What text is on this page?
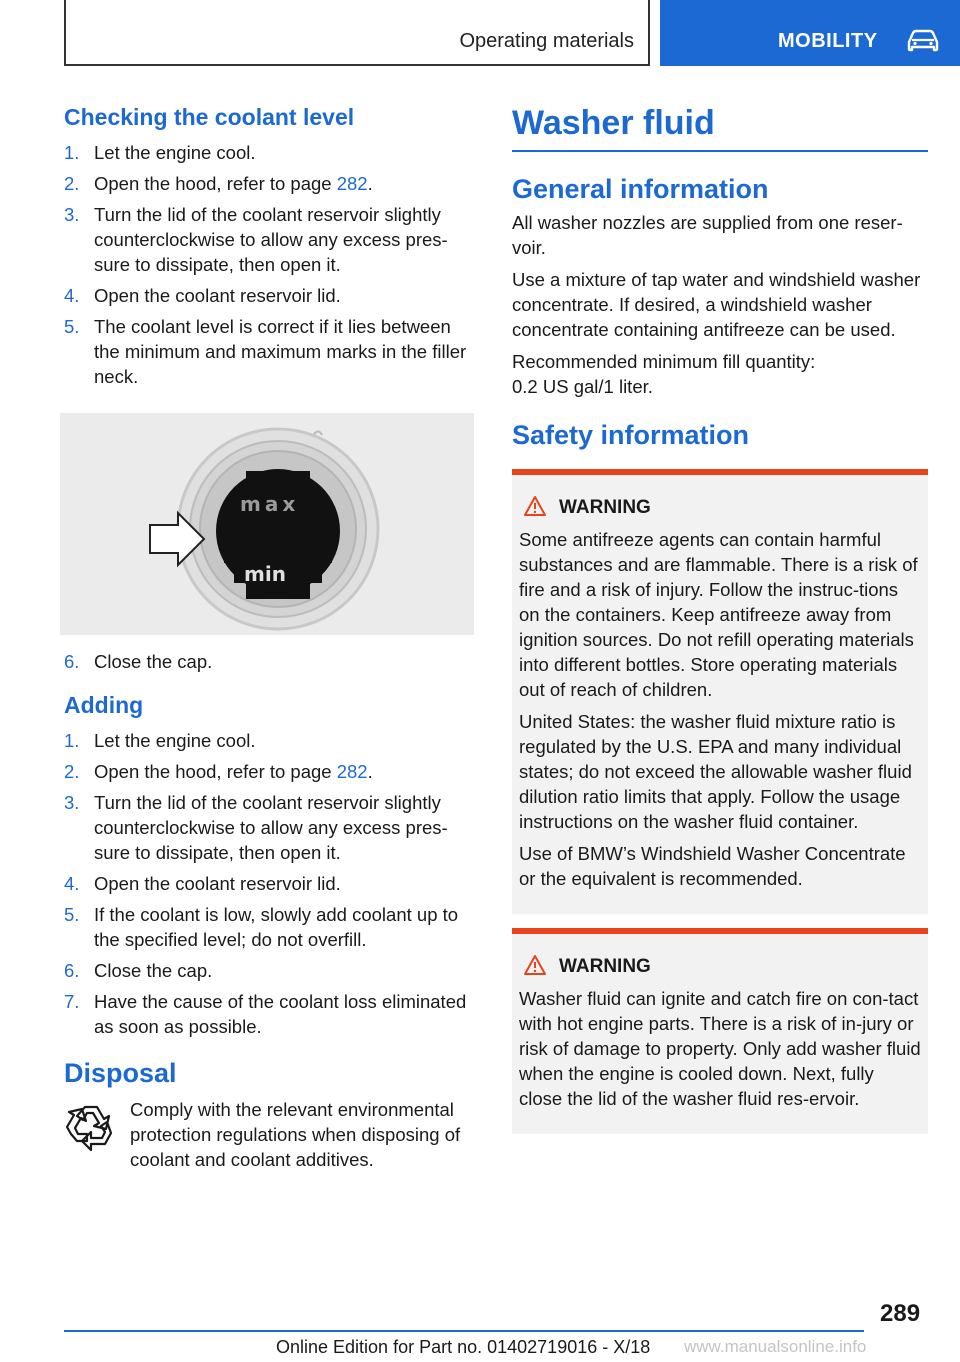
Operating materials	MOBILITY
Checking the coolant level
1. Let the engine cool.
2. Open the hood, refer to page 282.
3. Turn the lid of the coolant reservoir slightly counterclockwise to allow any excess pres‐sure to dissipate, then open it.
4. Open the coolant reservoir lid.
5. The coolant level is correct if it lies between the minimum and maximum marks in the filler neck.
max
min
6. Close the cap.
Adding
1. Let the engine cool.
2. Open the hood, refer to page 282.
3. Turn the lid of the coolant reservoir slightly counterclockwise to allow any excess pres‐sure to dissipate, then open it.
4. Open the coolant reservoir lid.
5. If the coolant is low, slowly add coolant up to the specified level; do not overfill.
6. Close the cap.
7. Have the cause of the coolant loss eliminated as soon as possible.
Disposal
Comply with the relevant environmental protection regulations when disposing of coolant and coolant additives.
Washer fluid
General information
All washer nozzles are supplied from one reser‐voir.
Use a mixture of tap water and windshield washer concentrate. If desired, a windshield washer concentrate containing antifreeze can be used.
Recommended minimum fill quantity:
0.2 US gal/1 liter.
Safety information
WARNING
Some antifreeze agents can contain harmful substances and are flammable. There is a risk of fire and a risk of injury. Follow the instruc‐tions on the containers. Keep antifreeze away from ignition sources. Do not refill operating materials into different bottles. Store operating materials out of reach of children.
United States: the washer fluid mixture ratio is regulated by the U.S. EPA and many individual states; do not exceed the allowable washer fluid dilution ratio limits that apply. Follow the usage instructions on the washer fluid container.
Use of BMW’s Windshield Washer Concentrate or the equivalent is recommended.
WARNING
Washer fluid can ignite and catch fire on con‐tact with hot engine parts. There is a risk of in‐jury or risk of damage to property. Only add washer fluid when the engine is cooled down. Next, fully close the lid of the washer fluid res‐ervoir.
289
Online Edition for Part no. 01402719016 - X/18 www.manualsonline.info
